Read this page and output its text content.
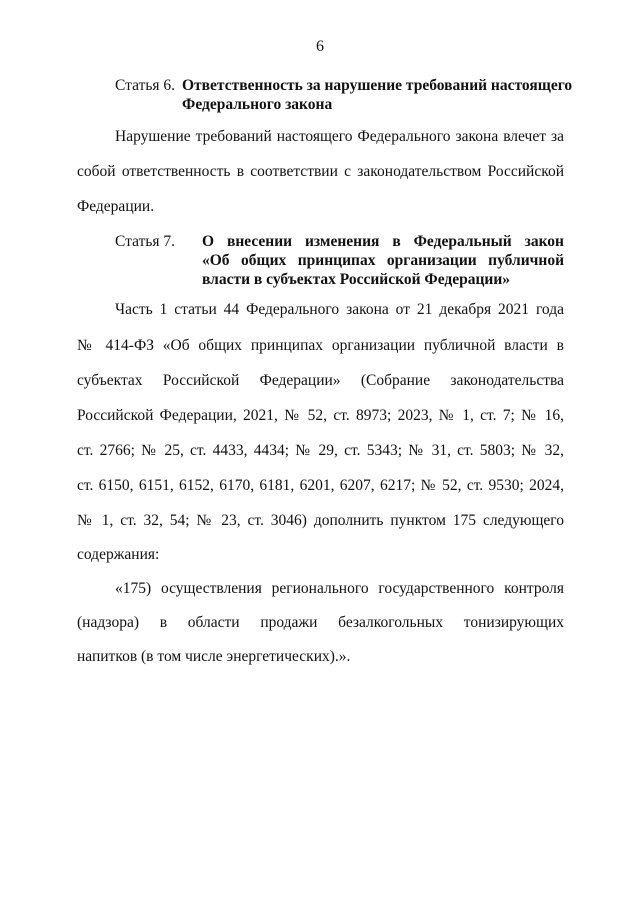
6
Статья 6. Ответственность за нарушение требований настоящего
Федерального закона
Нарушение требований настоящего Федерального закона влечет за
собой ответственность в соответствии с законодательством Российской
Федерации.
Статья 7. О внесении изменения в Федеральный закон
«Об общих принципах организации публичной
власти в субъектах Российской Федерации»
Часть 1 статьи 44 Федерального закона от 21 декабря 2021 года
№ 414-ФЗ «Об общих принципах организации публичной власти в
субъектах Российской Федерации» (Собрание законодательства
Российской Федерации, 2021, № 52, ст. 8973; 2023, № 1, ст. 7; № 16,
ст. 2766; № 25, ст. 4433, 4434; № 29, ст. 5343; № 31, ст. 5803; № 32,
ст. 6150, 6151, 6152, 6170, 6181, 6201, 6207, 6217; № 52, ст. 9530; 2024,
№ 1, ст. 32, 54; № 23, ст. 3046) дополнить пунктом 175 следующего
содержания:
«175) осуществления регионального государственного контроля
(надзора) в области продажи безалкогольных тонизирующих
напитков (в том числе энергетических).».
